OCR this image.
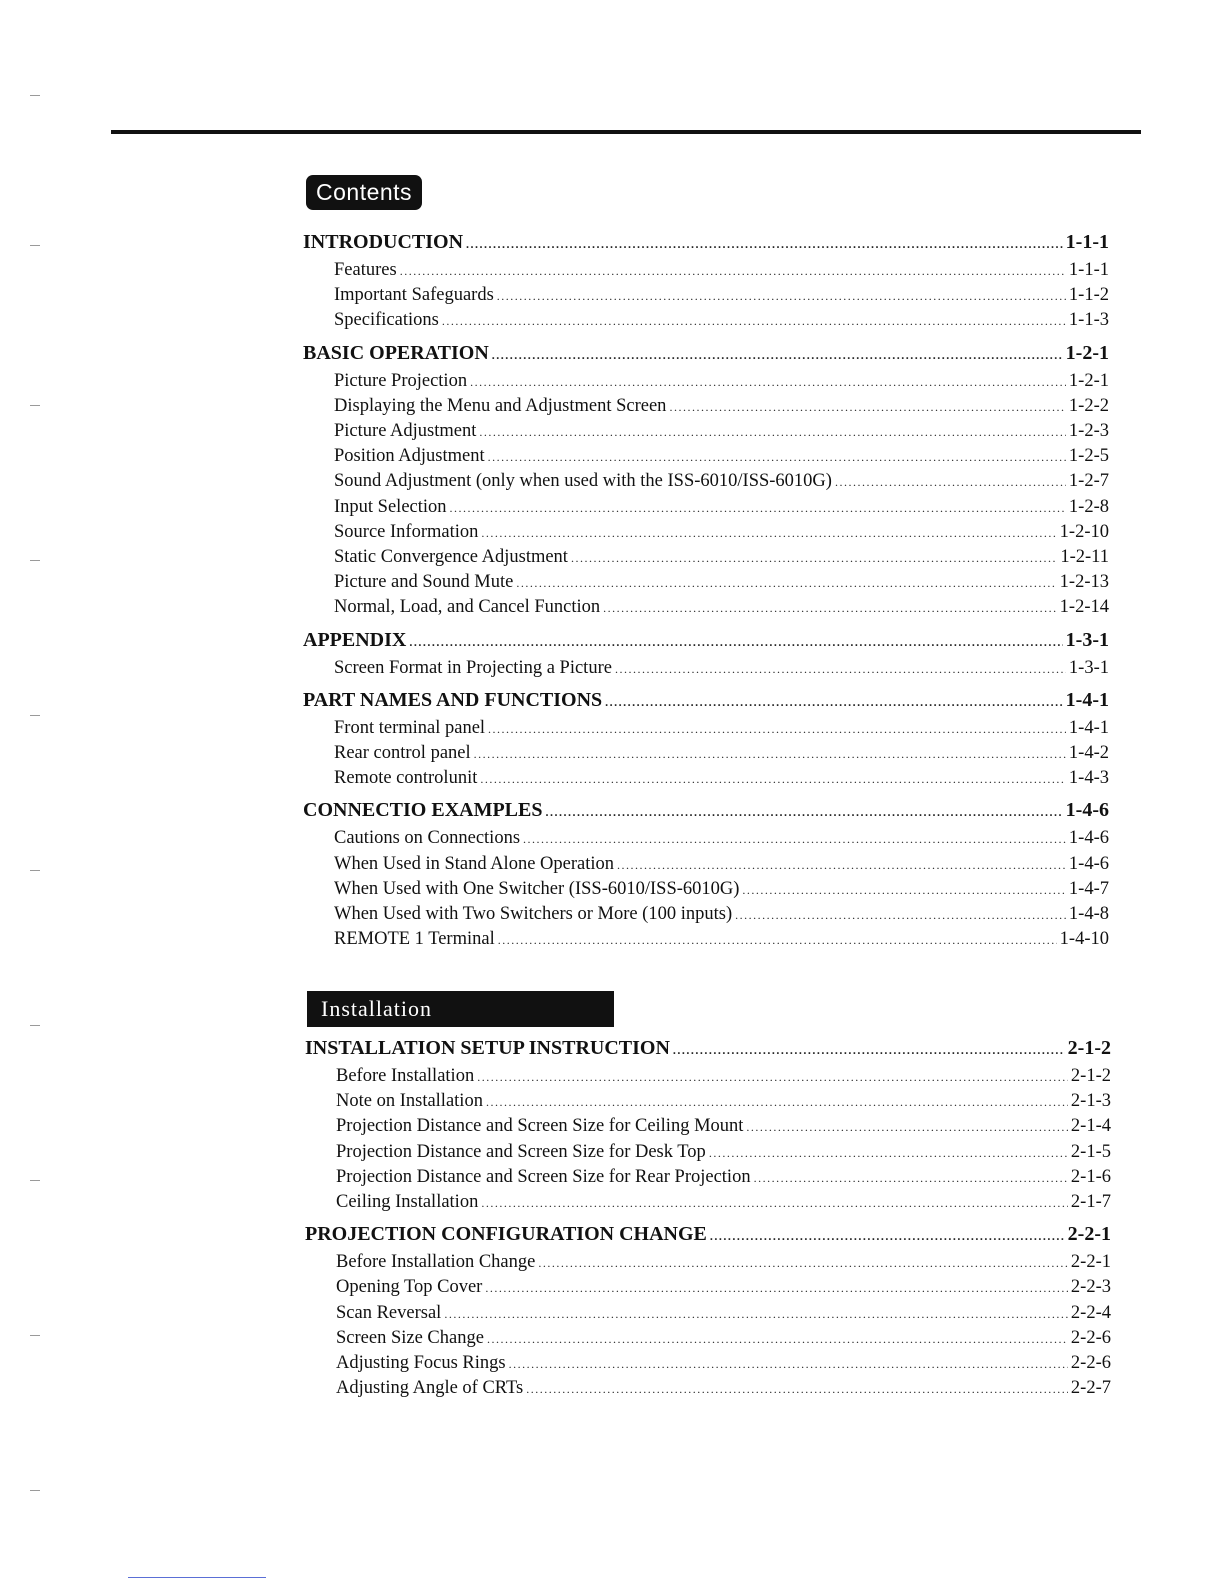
Contents
INTRODUCTION .....	1-1-1
Features .....	1-1-1
Important Safeguards .....	1-1-2
Specifications .....	1-1-3
BASIC OPERATION .....	1-2-1
Picture Projection .....	1-2-1
Displaying the Menu and Adjustment Screen .....	1-2-2
Picture Adjustment .....	1-2-3
Position Adjustment .....	1-2-5
Sound Adjustment (only when used with the ISS-6010/ISS-6010G) .....	1-2-7
Input Selection .....	1-2-8
Source Information .....	1-2-10
Static Convergence Adjustment .....	1-2-11
Picture and Sound Mute .....	1-2-13
Normal, Load, and Cancel Function .....	1-2-14
APPENDIX .....	1-3-1
Screen Format in Projecting a Picture .....	1-3-1
PART NAMES AND FUNCTIONS .....	1-4-1
Front terminal panel .....	1-4-1
Rear control panel .....	1-4-2
Remote controlunit .....	1-4-3
CONNECTIO EXAMPLES .....	1-4-6
Cautions on Connections .....	1-4-6
When Used in Stand Alone Operation .....	1-4-6
When Used with One Switcher (ISS-6010/ISS-6010G) .....	1-4-7
When Used with Two Switchers or More (100 inputs) .....	1-4-8
REMOTE 1 Terminal .....	1-4-10
Installation
INSTALLATION SETUP INSTRUCTION .....	2-1-2
Before Installation .....	2-1-2
Note on Installation .....	2-1-3
Projection Distance and Screen Size for Ceiling Mount .....	2-1-4
Projection Distance and Screen Size for Desk Top .....	2-1-5
Projection Distance and Screen Size for Rear Projection .....	2-1-6
Ceiling Installation .....	2-1-7
PROJECTION CONFIGURATION CHANGE .....	2-2-1
Before Installation Change .....	2-2-1
Opening Top Cover .....	2-2-3
Scan Reversal .....	2-2-4
Screen Size Change .....	2-2-6
Adjusting Focus Rings .....	2-2-6
Adjusting Angle of CRTs .....	2-2-7
